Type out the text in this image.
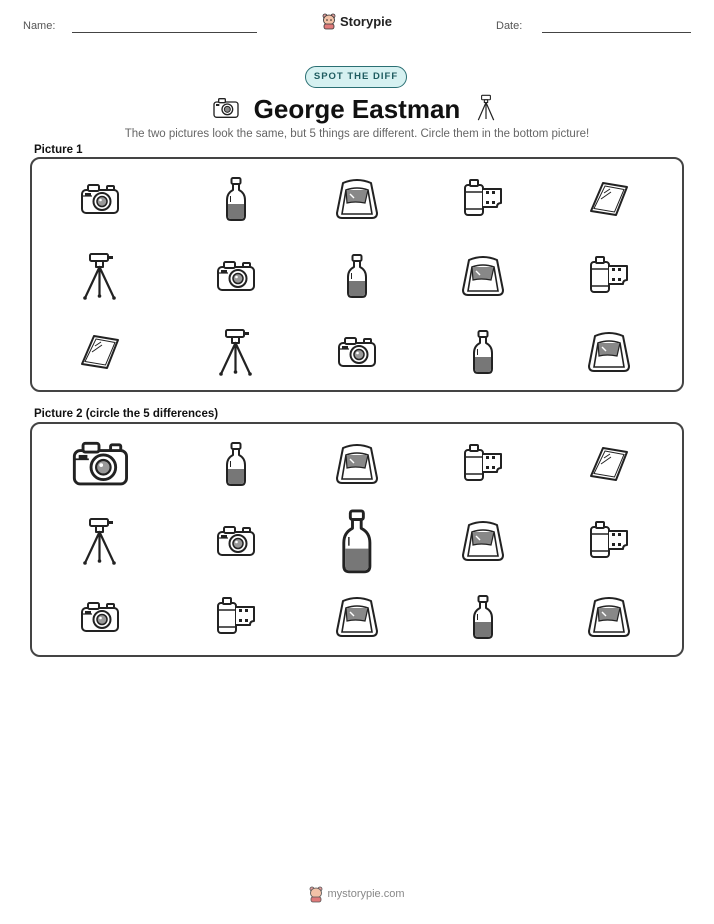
Name:	Date:
Storypie
SPOT THE DIFF
George Eastman
The two pictures look the same, but 5 things are different. Circle them in the bottom picture!
Picture 1
Picture 2 (circle the 5 differences)
mystorypie.com
